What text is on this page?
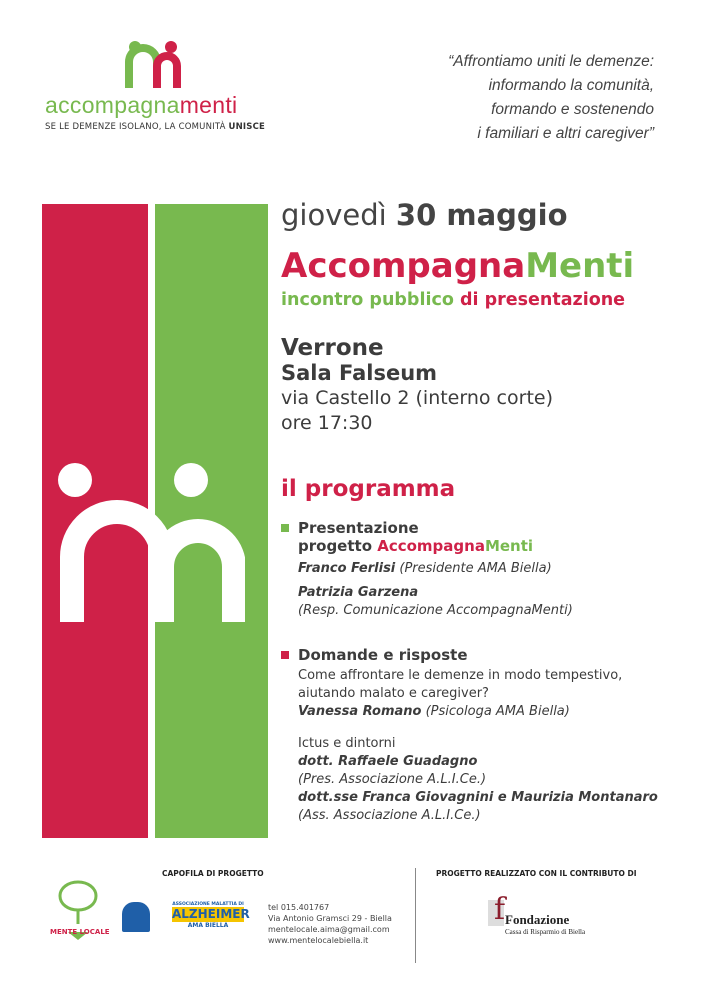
accompagnamenti
SE LE DEMENZE ISOLANO, LA COMUNITÀ UNISCE
“Affrontiamo uniti le demenze:
informando la comunità,
formando e sostenendo
i familiari e altri caregiver”
giovedì 30 maggio
AccompagnaMenti
incontro pubblico di presentazione
Verrone
Sala Falseum
via Castello 2 (interno corte)
ore 17:30
il programma
Presentazione
progetto AccompagnaMenti
Franco Ferlisi (Presidente AMA Biella)
Patrizia Garzena
(Resp. Comunicazione AccompagnaMenti)
Domande e risposte
Come affrontare le demenze in modo tempestivo, aiutando malato e caregiver?
Vanessa Romano (Psicologa AMA Biella)
Ictus e dintorni
dott. Raffaele Guadagno
(Pres. Associazione A.L.I.Ce.)
dott.sse Franca Giovagnini e Maurizia Montanaro
(Ass. Associazione A.L.I.Ce.)
CAPOFILA DI PROGETTO	PROGETTO REALIZZATO CON IL CONTRIBUTO DI
MENTE LOCALE
ASSOCIAZIONE MALATTIA DI
ALZHEIMER
AMA BIELLA
tel 015.401767
Via Antonio Gramsci 29 - Biella
mentelocale.aima@gmail.com
www.mentelocalebiella.it
f Fondazione
Cassa di Risparmio di Biella
